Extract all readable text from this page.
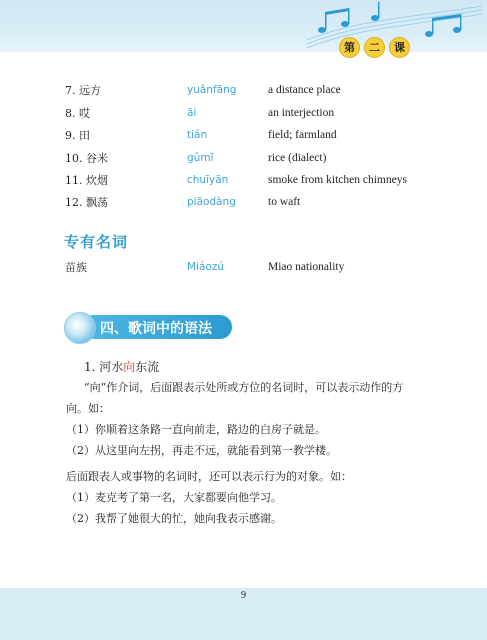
第	二	课
7. 远方	yuǎnfāng	a distance place
8. 哎	āi	an interjection
9. 田	tián	field; farmland
10. 谷米	gǔmǐ	rice (dialect)
11. 炊烟	chuīyān	smoke from kitchen chimneys
12. 飘荡	piāodàng	to waft
专有名词
苗族	Miáozú	Miao nationality
四、歌词中的语法
1. 河水向东流
“向”作介词，后面跟表示处所或方位的名词时，可以表示动作的方
向。如：
（1）你顺着这条路一直向前走，路边的白房子就是。
（2）从这里向左拐，再走不远，就能看到第一教学楼。
后面跟表人或事物的名词时，还可以表示行为的对象。如：
（1）麦克考了第一名，大家都要向他学习。
（2）我帮了她很大的忙，她向我表示感谢。
9
